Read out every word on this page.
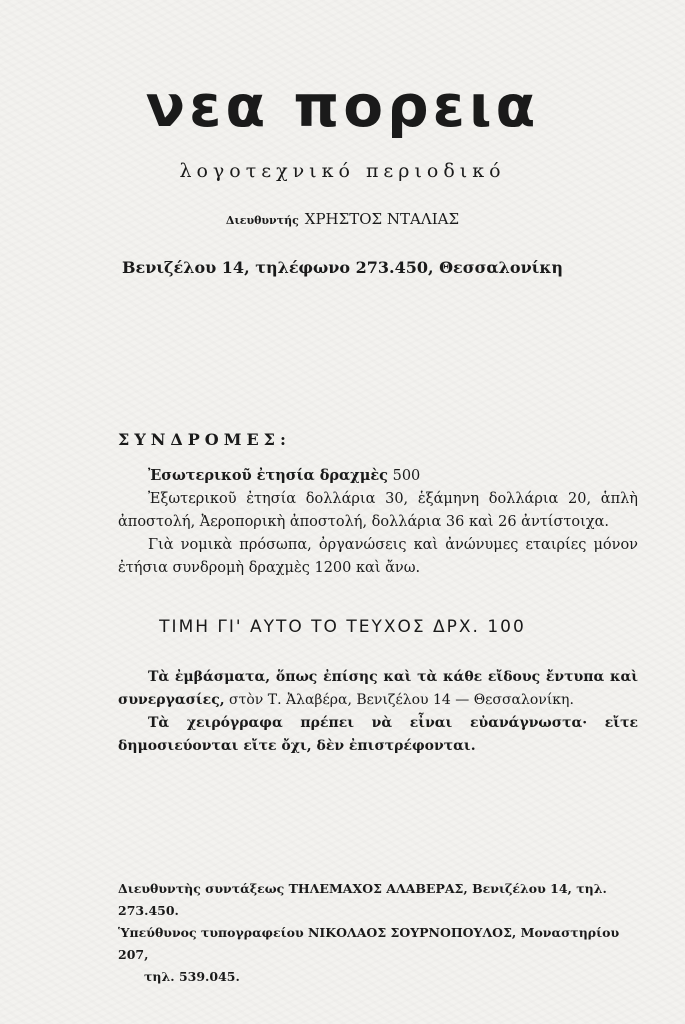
νεα πορεια
λογοτεχνικό περιοδικό
Διευθυντής ΧΡΗΣΤΟΣ ΝΤΑΛΙΑΣ
Βενιζέλου 14, τηλέφωνο 273.450, Θεσσαλονίκη
ΣΥΝΔΡΟΜΕΣ:

Ἐσωτερικοῦ ἐτησία δραχμὲς 500

Ἐξωτερικοῦ ἐτησία δολλάρια 30, ἑξάμηνη δολλάρια 20, ἁπλὴ ἀποστολή, Ἀεροπορικὴ ἀποστολή, δολλάρια 36 καὶ 26 ἀντίστοιχα.

Γιὰ νομικὰ πρόσωπα, ὀργανώσεις καὶ ἀνώνυμες εταιρίες μόνον ἐτήσια συνδρομὴ δραχμὲς 1200 καὶ ἄνω.

ΤΙΜΗ ΓΙ' ΑΥΤΟ ΤΟ ΤΕΥΧΟΣ ΔΡΧ. 100

Τὰ ἐμβάσματα, ὅπως ἐπίσης καὶ τὰ κάθε εἴδους ἔντυπα καὶ συνεργασίες, στὸν Τ. Ἀλαβέρα, Βενιζέλου 14 — Θεσσαλονίκη.

Τὰ χειρόγραφα πρέπει νὰ εἶναι εὐανάγνωστα· εἴτε δημοσιεύονται εἴτε ὄχι, δὲν ἐπιστρέφονται.

Διευθυντὴς συντάξεως ΤΗΛΕΜΑΧΟΣ ΑΛΑΒΕΡΑΣ, Βενιζέλου 14, τηλ. 273.450.

Ὑπεύθυνος τυπογραφείου ΝΙΚΟΛΑΟΣ ΣΟΥΡΝΟΠΟΥΛΟΣ, Μοναστηρίου 207,

τηλ. 539.045.
